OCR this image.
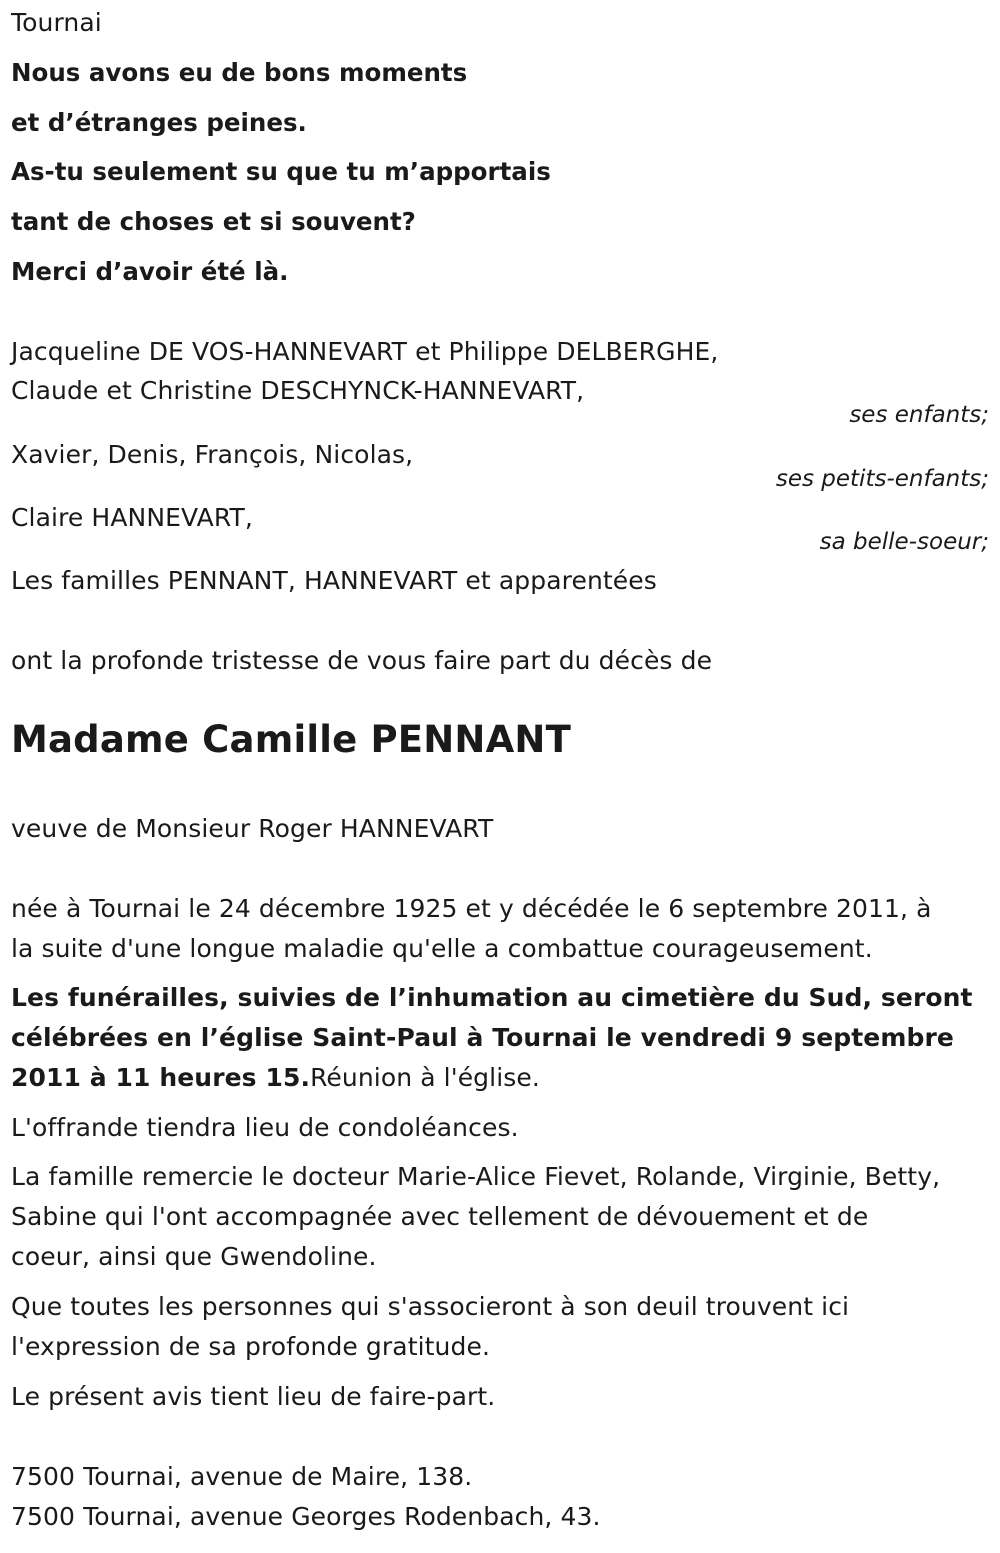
Tournai
Nous avons eu de bons moments
et d’étranges peines.
As-tu seulement su que tu m’apportais
tant de choses et si souvent?
Merci d’avoir été là.
Jacqueline DE VOS-HANNEVART et Philippe DELBERGHE,
Claude et Christine DESCHYNCK-HANNEVART,
ses enfants;
Xavier, Denis, François, Nicolas,
ses petits-enfants;
Claire HANNEVART,
sa belle-soeur;
Les familles PENNANT, HANNEVART et apparentées
ont la profonde tristesse de vous faire part du décès de
Madame Camille PENNANT
veuve de Monsieur Roger HANNEVART
née à Tournai le 24 décembre 1925 et y décédée le 6 septembre 2011, à
la suite d'une longue maladie qu'elle a combattue courageusement.
Les funérailles, suivies de l’inhumation au cimetière du Sud, seront
célébrées en l’église Saint-Paul à Tournai le vendredi 9 septembre
2011 à 11 heures 15.Réunion à l'église.
L'offrande tiendra lieu de condoléances.
La famille remercie le docteur Marie-Alice Fievet, Rolande, Virginie, Betty,
Sabine qui l'ont accompagnée avec tellement de dévouement et de
coeur, ainsi que Gwendoline.
Que toutes les personnes qui s'associeront à son deuil trouvent ici
l'expression de sa profonde gratitude.
Le présent avis tient lieu de faire-part.
7500 Tournai, avenue de Maire, 138.
7500 Tournai, avenue Georges Rodenbach, 43.
